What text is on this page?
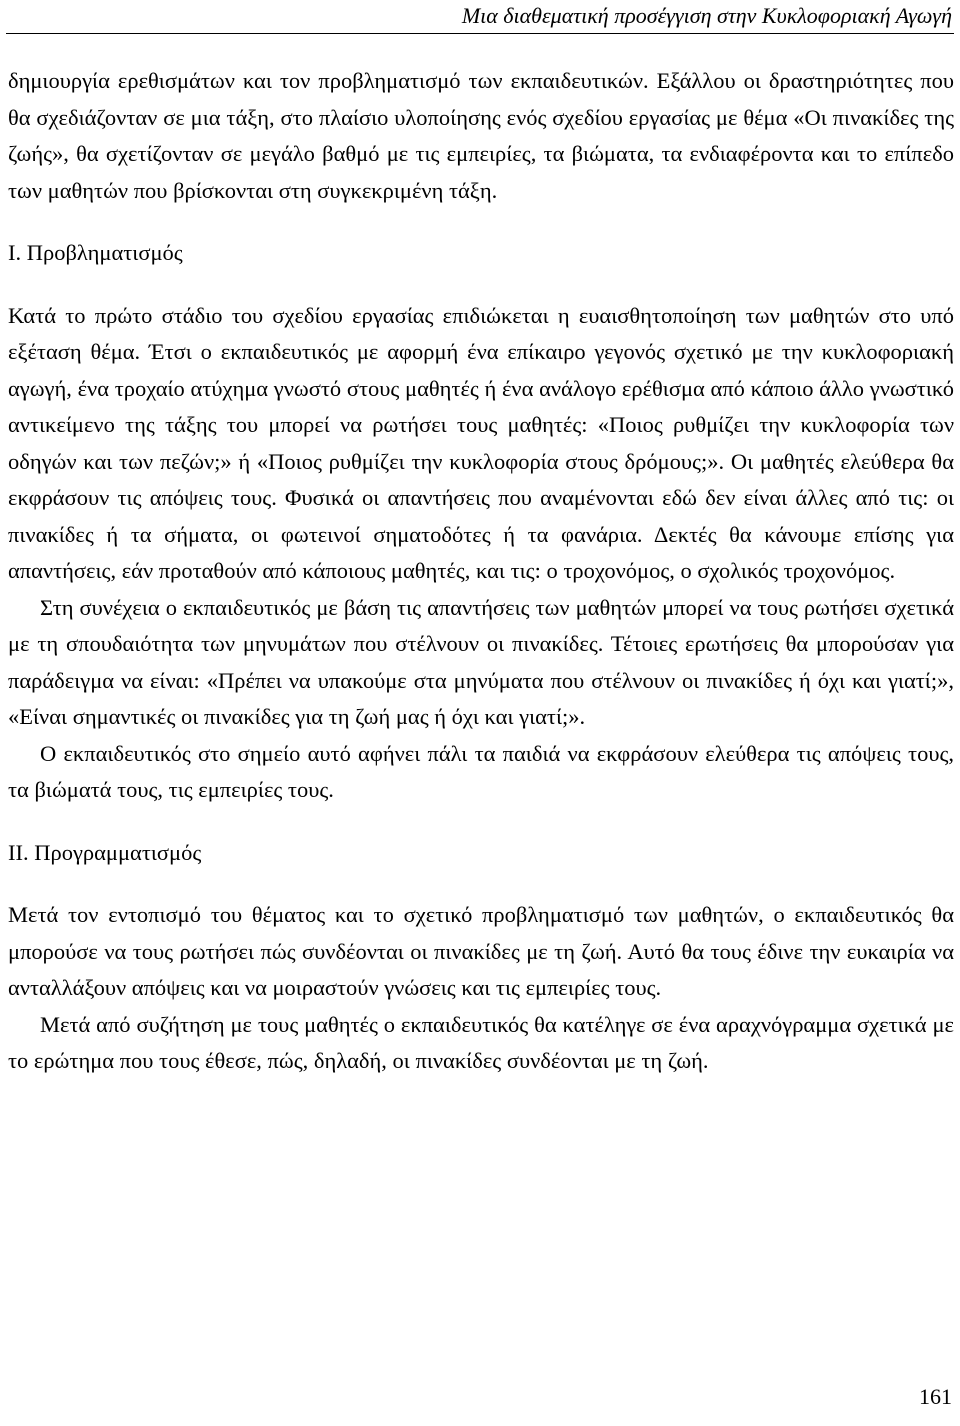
Μια διαθεματική προσέγγιση στην Κυκλοφοριακή Αγωγή

δημιουργία ερεθισμάτων και τον προβληματισμό των εκπαιδευτικών. Εξάλλου οι δραστηριότητες που θα σχεδιάζονταν σε μια τάξη, στο πλαίσιο υλοποίησης ενός σχεδίου εργασίας με θέμα «Οι πινακίδες της ζωής», θα σχετίζονταν σε μεγάλο βαθμό με τις εμπειρίες, τα βιώματα, τα ενδιαφέροντα και το επίπεδο των μαθητών που βρίσκονται στη συγκεκριμένη τάξη.

Ι. Προβληματισμός

Κατά το πρώτο στάδιο του σχεδίου εργασίας επιδιώκεται η ευαισθητοποίηση των μαθητών στο υπό εξέταση θέμα. Έτσι ο εκπαιδευτικός με αφορμή ένα επίκαιρο γεγονός σχετικό με την κυκλοφοριακή αγωγή, ένα τροχαίο ατύχημα γνωστό στους μαθητές ή ένα ανάλογο ερέθισμα από κάποιο άλλο γνωστικό αντικείμενο της τάξης του μπορεί να ρωτήσει τους μαθητές: «Ποιος ρυθμίζει την κυκλοφορία των οδηγών και των πεζών;» ή «Ποιος ρυθμίζει την κυκλοφορία στους δρόμους;». Οι μαθητές ελεύθερα θα εκφράσουν τις απόψεις τους. Φυσικά οι απαντήσεις που αναμένονται εδώ δεν είναι άλλες από τις: οι πινακίδες ή τα σήματα, οι φωτεινοί σηματοδότες ή τα φανάρια. Δεκτές θα κάνουμε επίσης για απαντήσεις, εάν προταθούν από κάποιους μαθητές, και τις: ο τροχονόμος, ο σχολικός τροχονόμος.

Στη συνέχεια ο εκπαιδευτικός με βάση τις απαντήσεις των μαθητών μπορεί να τους ρωτήσει σχετικά με τη σπουδαιότητα των μηνυμάτων που στέλνουν οι πινακίδες. Τέτοιες ερωτήσεις θα μπορούσαν για παράδειγμα να είναι: «Πρέπει να υπακούμε στα μηνύματα που στέλνουν οι πινακίδες ή όχι και γιατί;», «Είναι σημαντικές οι πινακίδες για τη ζωή μας ή όχι και γιατί;».

Ο εκπαιδευτικός στο σημείο αυτό αφήνει πάλι τα παιδιά να εκφράσουν ελεύθερα τις απόψεις τους, τα βιώματά τους, τις εμπειρίες τους.

ΙΙ. Προγραμματισμός

Μετά τον εντοπισμό του θέματος και το σχετικό προβληματισμό των μαθητών, ο εκπαιδευτικός θα μπορούσε να τους ρωτήσει πώς συνδέονται οι πινακίδες με τη ζωή. Αυτό θα τους έδινε την ευκαιρία να ανταλλάξουν απόψεις και να μοιραστούν γνώσεις και τις εμπειρίες τους.

Μετά από συζήτηση με τους μαθητές ο εκπαιδευτικός θα κατέληγε σε ένα αραχνόγραμμα σχετικά με το ερώτημα που τους έθεσε, πώς, δηλαδή, οι πινακίδες συνδέονται με τη ζωή.

161
